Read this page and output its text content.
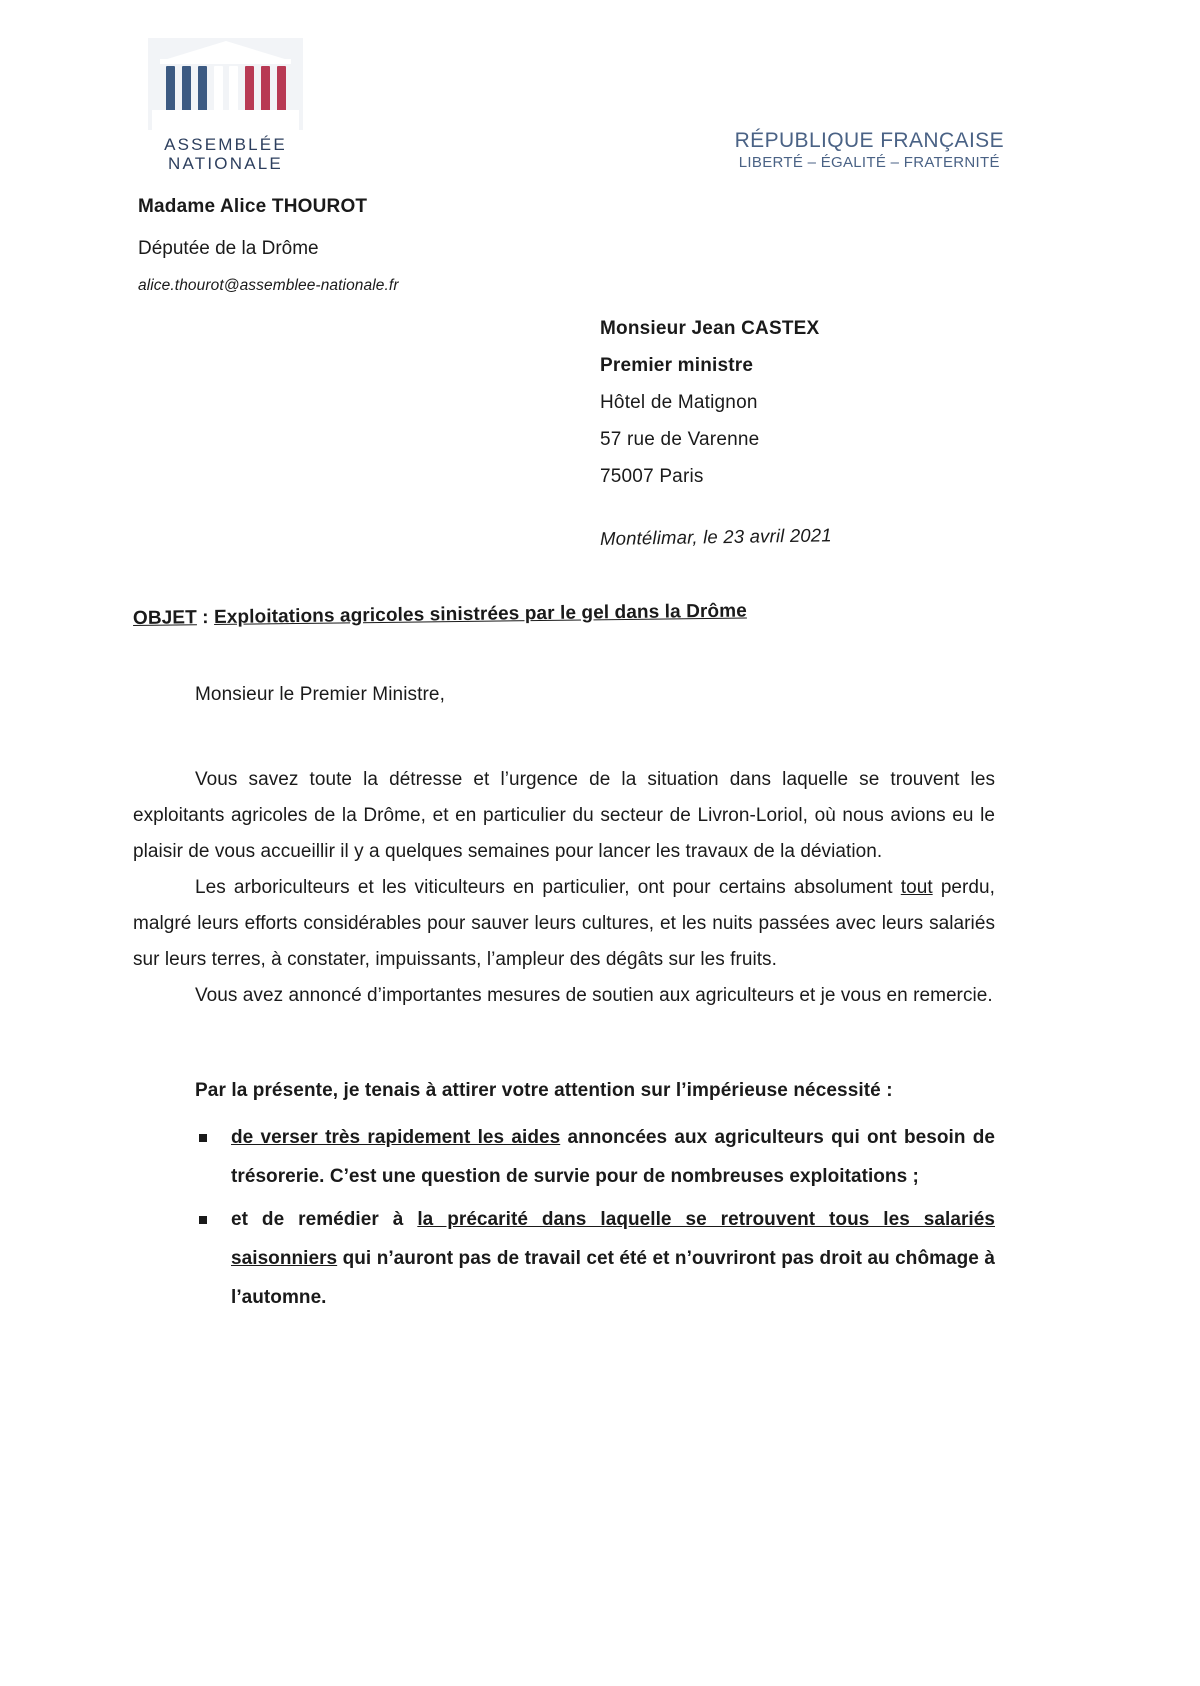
ASSEMBLÉE
NATIONALE
RÉPUBLIQUE FRANÇAISE
LIBERTÉ – ÉGALITÉ – FRATERNITÉ
Madame Alice THOUROT
Députée de la Drôme
alice.thourot@assemblee-nationale.fr
Monsieur Jean CASTEX
Premier ministre
Hôtel de Matignon
57 rue de Varenne
75007 Paris
Montélimar, le 23 avril 2021
OBJET : Exploitations agricoles sinistrées par le gel dans la Drôme
Monsieur le Premier Ministre,

Vous savez toute la détresse et l’urgence de la situation dans laquelle se trouvent les exploitants agricoles de la Drôme, et en particulier du secteur de Livron-Loriol, où nous avions eu le plaisir de vous accueillir il y a quelques semaines pour lancer les travaux de la déviation.

Les arboriculteurs et les viticulteurs en particulier, ont pour certains absolument tout perdu, malgré leurs efforts considérables pour sauver leurs cultures, et les nuits passées avec leurs salariés sur leurs terres, à constater, impuissants, l’ampleur des dégâts sur les fruits.

Vous avez annoncé d’importantes mesures de soutien aux agriculteurs et je vous en remercie.

Par la présente, je tenais à attirer votre attention sur l’impérieuse nécessité :
de verser très rapidement les aides annoncées aux agriculteurs qui ont besoin de trésorerie. C’est une question de survie pour de nombreuses exploitations ;
et de remédier à la précarité dans laquelle se retrouvent tous les salariés saisonniers qui n’auront pas de travail cet été et n’ouvriront pas droit au chômage à l’automne.
